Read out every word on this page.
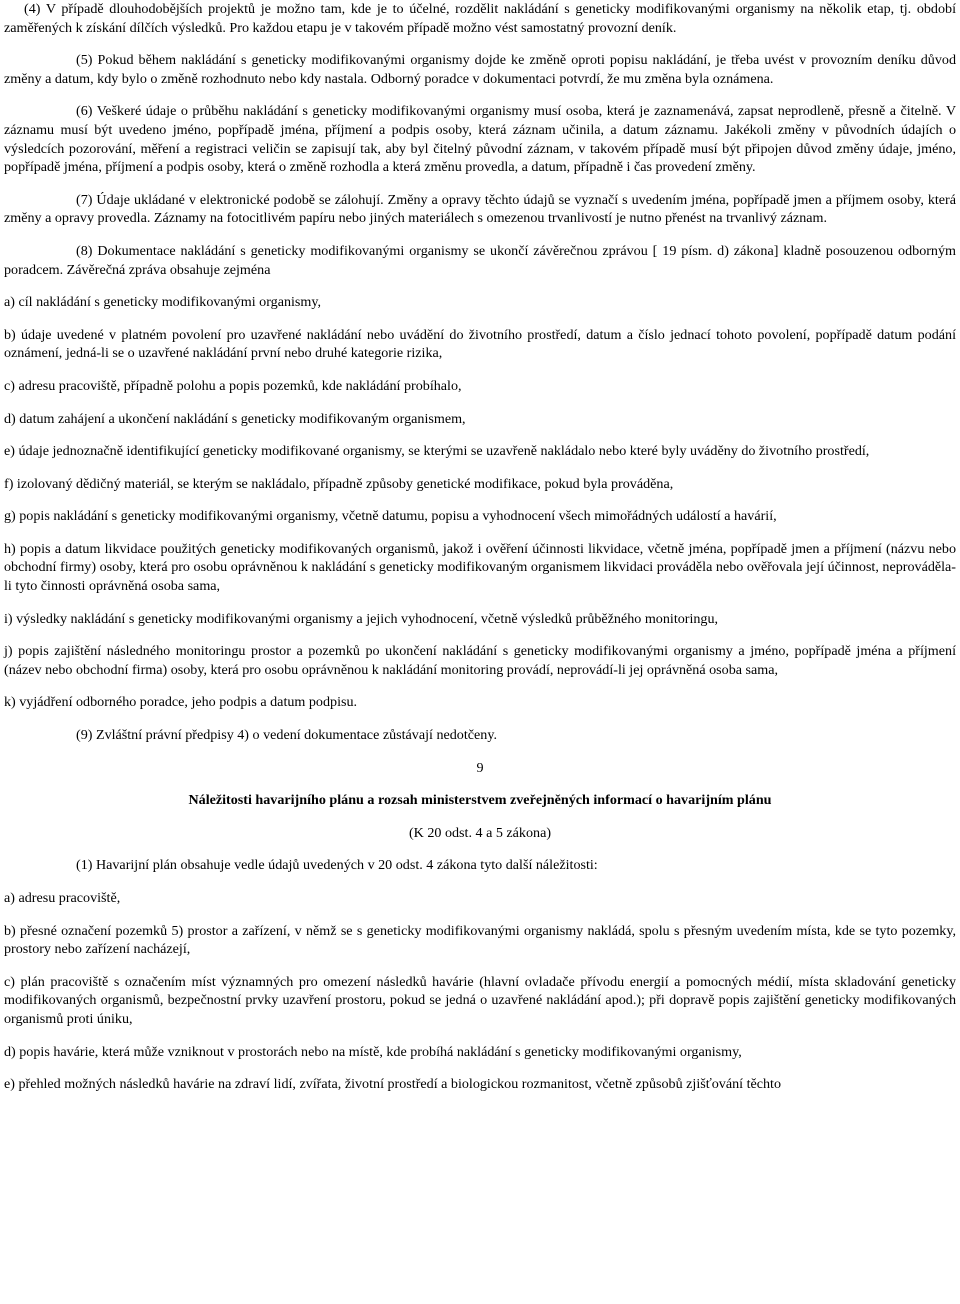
(4) V případě dlouhodobějších projektů je možno tam, kde je to účelné, rozdělit nakládání s geneticky modifikovanými organismy na několik etap, tj. období zaměřených k získání dílčích výsledků. Pro každou etapu je v takovém případě možno vést samostatný provozní deník.

(5) Pokud během nakládání s geneticky modifikovanými organismy dojde ke změně oproti popisu nakládání, je třeba uvést v provozním deníku důvod změny a datum, kdy bylo o změně rozhodnuto nebo kdy nastala. Odborný poradce v dokumentaci potvrdí, že mu změna byla oznámena.

(6) Veškeré údaje o průběhu nakládání s geneticky modifikovanými organismy musí osoba, která je zaznamenává, zapsat neprodleně, přesně a čitelně. V záznamu musí být uvedeno jméno, popřípadě jména, příjmení a podpis osoby, která záznam učinila, a datum záznamu. Jakékoli změny v původních údajích o výsledcích pozorování, měření a registraci veličin se zapisují tak, aby byl čitelný původní záznam, v takovém případě musí být připojen důvod změny údaje, jméno, popřípadě jména, příjmení a podpis osoby, která o změně rozhodla a která změnu provedla, a datum, případně i čas provedení změny.

(7) Údaje ukládané v elektronické podobě se zálohují. Změny a opravy těchto údajů se vyznačí s uvedením jména, popřípadě jmen a příjmem osoby, která změny a opravy provedla. Záznamy na fotocitlivém papíru nebo jiných materiálech s omezenou trvanlivostí je nutno přenést na trvanlivý záznam.

(8) Dokumentace nakládání s geneticky modifikovanými organismy se ukončí závěrečnou zprávou [ 19 písm. d) zákona] kladně posouzenou odborným poradcem. Závěrečná zpráva obsahuje zejména

a) cíl nakládání s geneticky modifikovanými organismy,

b) údaje uvedené v platném povolení pro uzavřené nakládání nebo uvádění do životního prostředí, datum a číslo jednací tohoto povolení, popřípadě datum podání oznámení, jedná-li se o uzavřené nakládání první nebo druhé kategorie rizika,

c) adresu pracoviště, případně polohu a popis pozemků, kde nakládání probíhalo,

d) datum zahájení a ukončení nakládání s geneticky modifikovaným organismem,

e) údaje jednoznačně identifikující geneticky modifikované organismy, se kterými se uzavřeně nakládalo nebo které byly uváděny do životního prostředí,

f) izolovaný dědičný materiál, se kterým se nakládalo, případně způsoby genetické modifikace, pokud byla prováděna,

g) popis nakládání s geneticky modifikovanými organismy, včetně datumu, popisu a vyhodnocení všech mimořádných událostí a havárií,

h) popis a datum likvidace použitých geneticky modifikovaných organismů, jakož i ověření účinnosti likvidace, včetně jména, popřípadě jmen a příjmení (názvu nebo obchodní firmy) osoby, která pro osobu oprávněnou k nakládání s geneticky modifikovaným organismem likvidaci prováděla nebo ověřovala její účinnost, neprováděla-li tyto činnosti oprávněná osoba sama,

i) výsledky nakládání s geneticky modifikovanými organismy a jejich vyhodnocení, včetně výsledků průběžného monitoringu,

j) popis zajištění následného monitoringu prostor a pozemků po ukončení nakládání s geneticky modifikovanými organismy a jméno, popřípadě jména a příjmení (název nebo obchodní firma) osoby, která pro osobu oprávněnou k nakládání monitoring provádí, neprovádí-li jej oprávněná osoba sama,

k) vyjádření odborného poradce, jeho podpis a datum podpisu.

(9) Zvláštní právní předpisy 4) o vedení dokumentace zůstávají nedotčeny.

9

Náležitosti havarijního plánu a rozsah ministerstvem zveřejněných informací o havarijním plánu

(K 20 odst. 4 a 5 zákona)

(1) Havarijní plán obsahuje vedle údajů uvedených v 20 odst. 4 zákona tyto další náležitosti:

a) adresu pracoviště,

b) přesné označení pozemků 5) prostor a zařízení, v němž se s geneticky modifikovanými organismy nakládá, spolu s přesným uvedením místa, kde se tyto pozemky, prostory nebo zařízení nacházejí,

c) plán pracoviště s označením míst významných pro omezení následků havárie (hlavní ovladače přívodu energií a pomocných médií, místa skladování geneticky modifikovaných organismů, bezpečnostní prvky uzavření prostoru, pokud se jedná o uzavřené nakládání apod.); při dopravě popis zajištění geneticky modifikovaných organismů proti úniku,

d) popis havárie, která může vzniknout v prostorách nebo na místě, kde probíhá nakládání s geneticky modifikovanými organismy,

e) přehled možných následků havárie na zdraví lidí, zvířata, životní prostředí a biologickou rozmanitost, včetně způsobů zjišťování těchto
